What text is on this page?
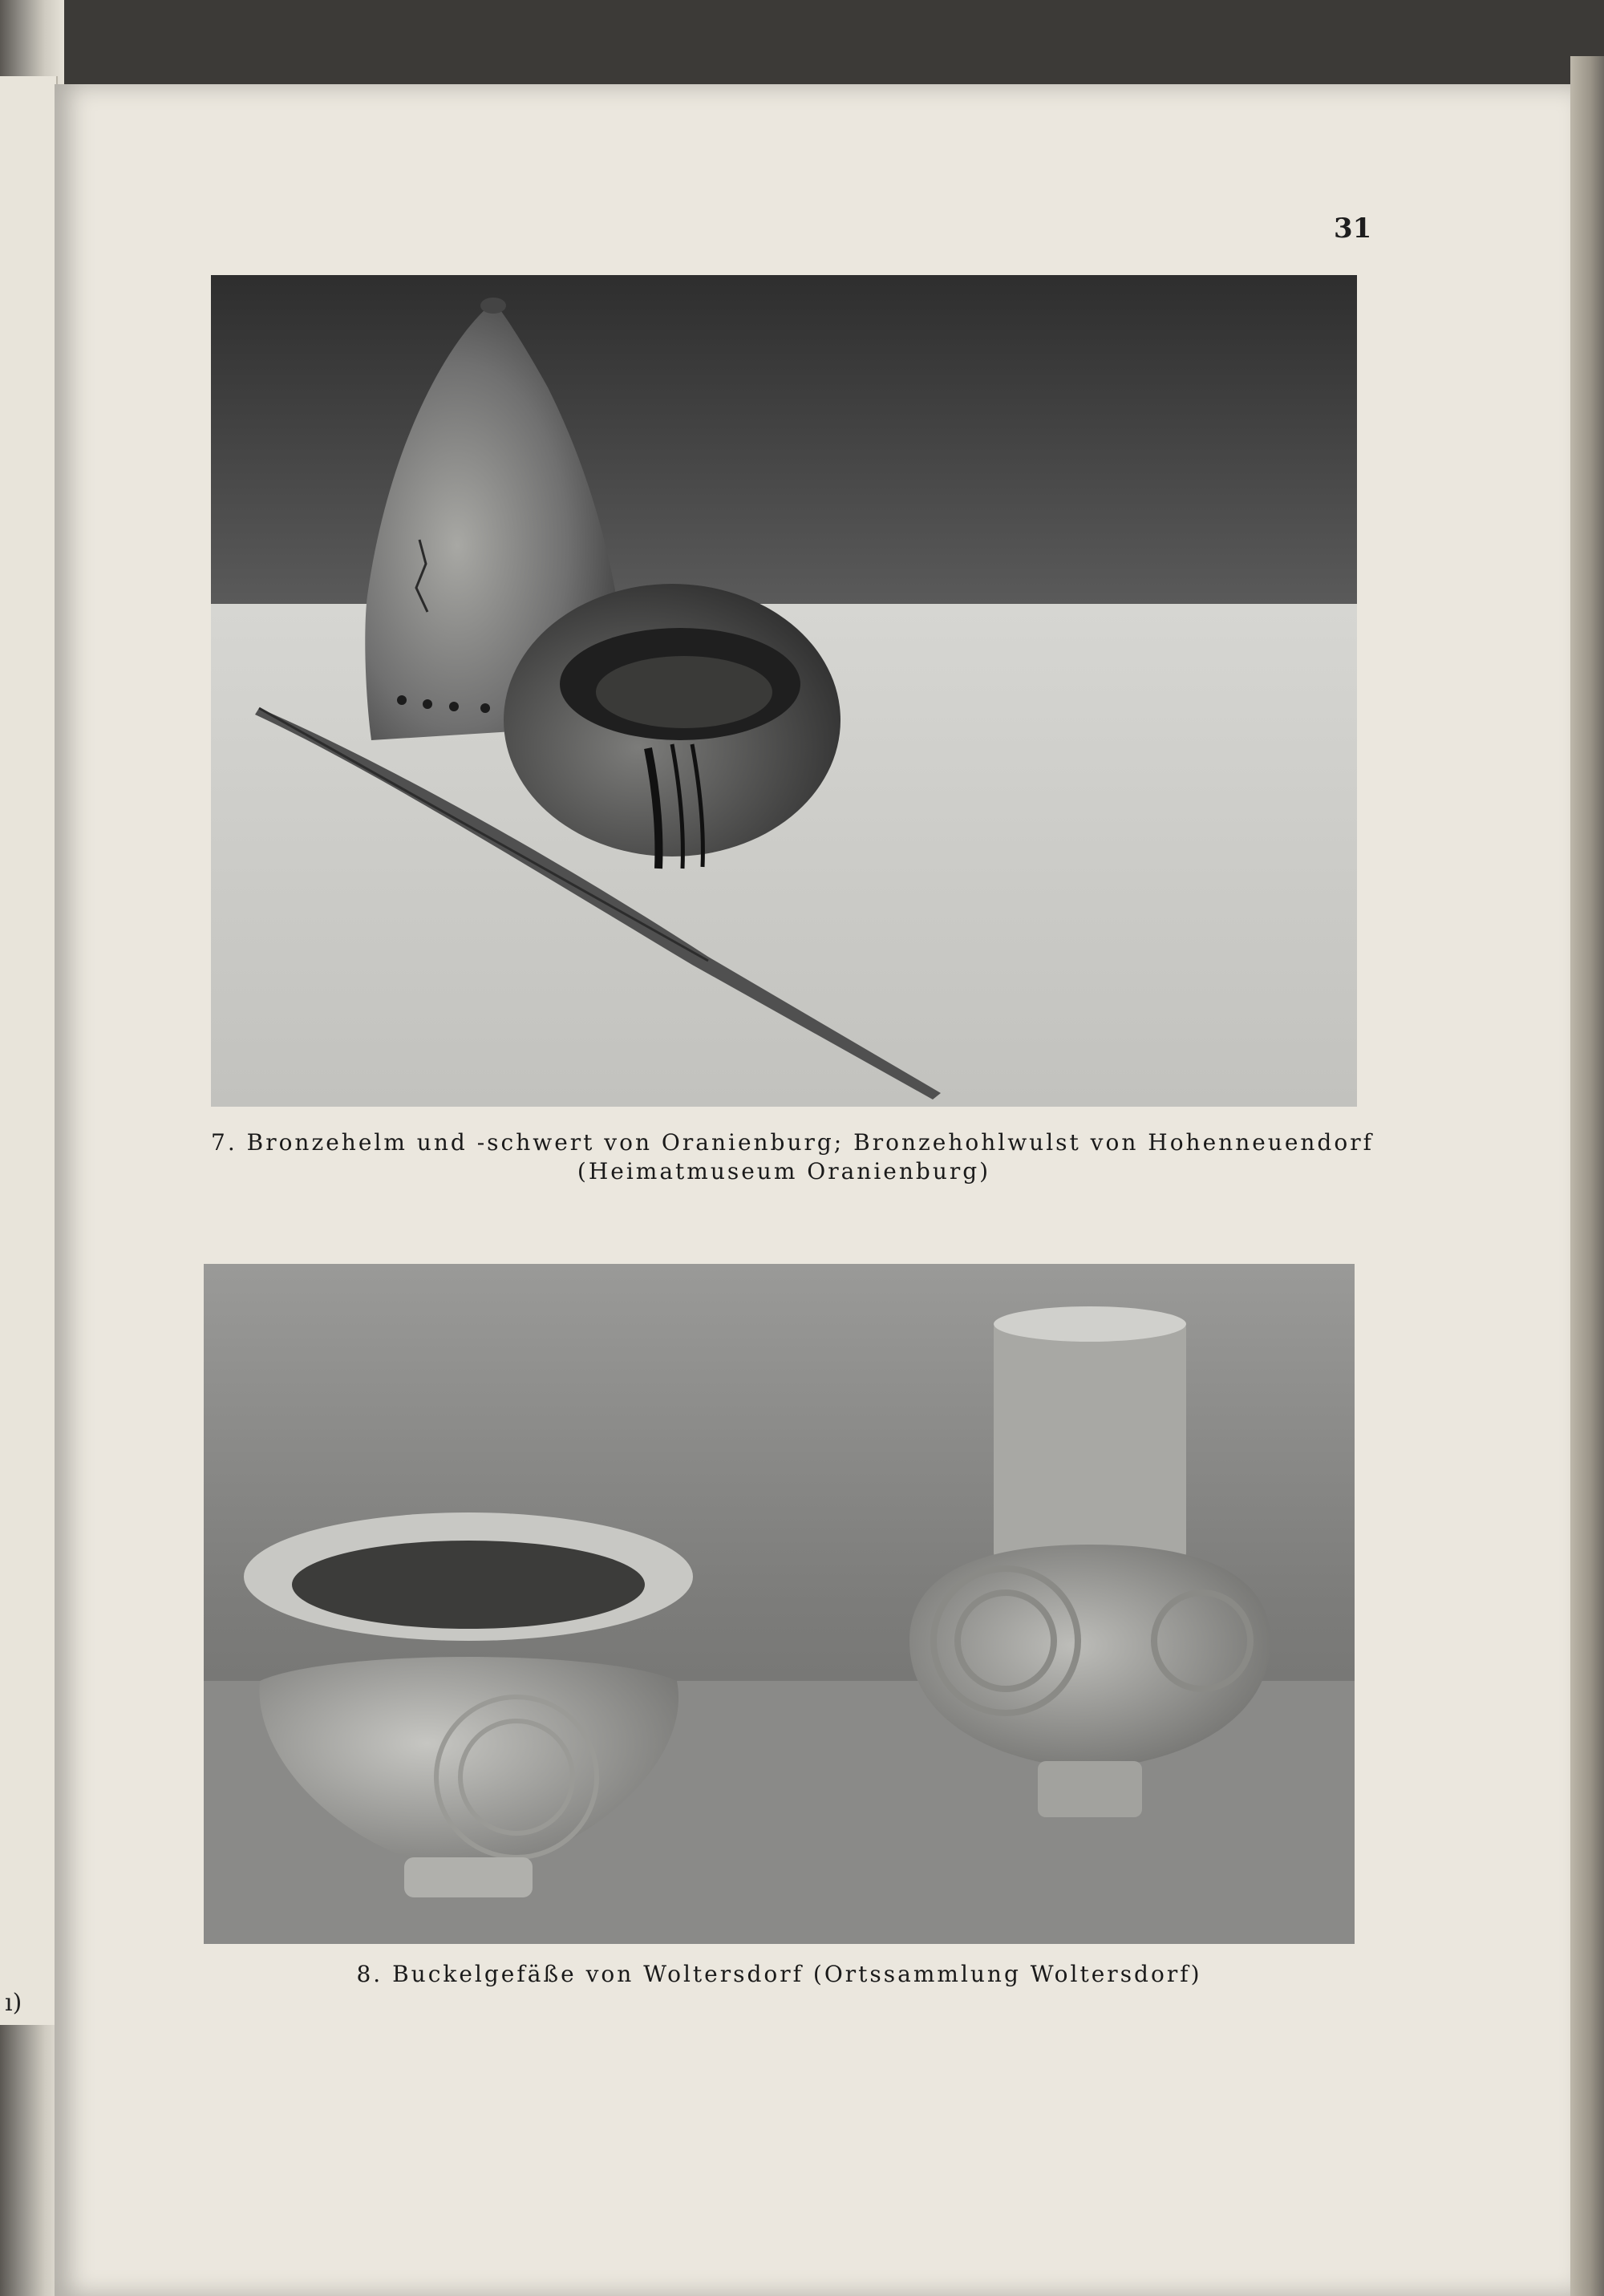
ı)
31
7. Bronzehelm und -schwert von Oranienburg; Bronzehohlwulst von Hohenneuendorf
(Heimatmuseum Oranienburg)
8. Buckelgefäße von Woltersdorf (Ortssammlung Woltersdorf)
